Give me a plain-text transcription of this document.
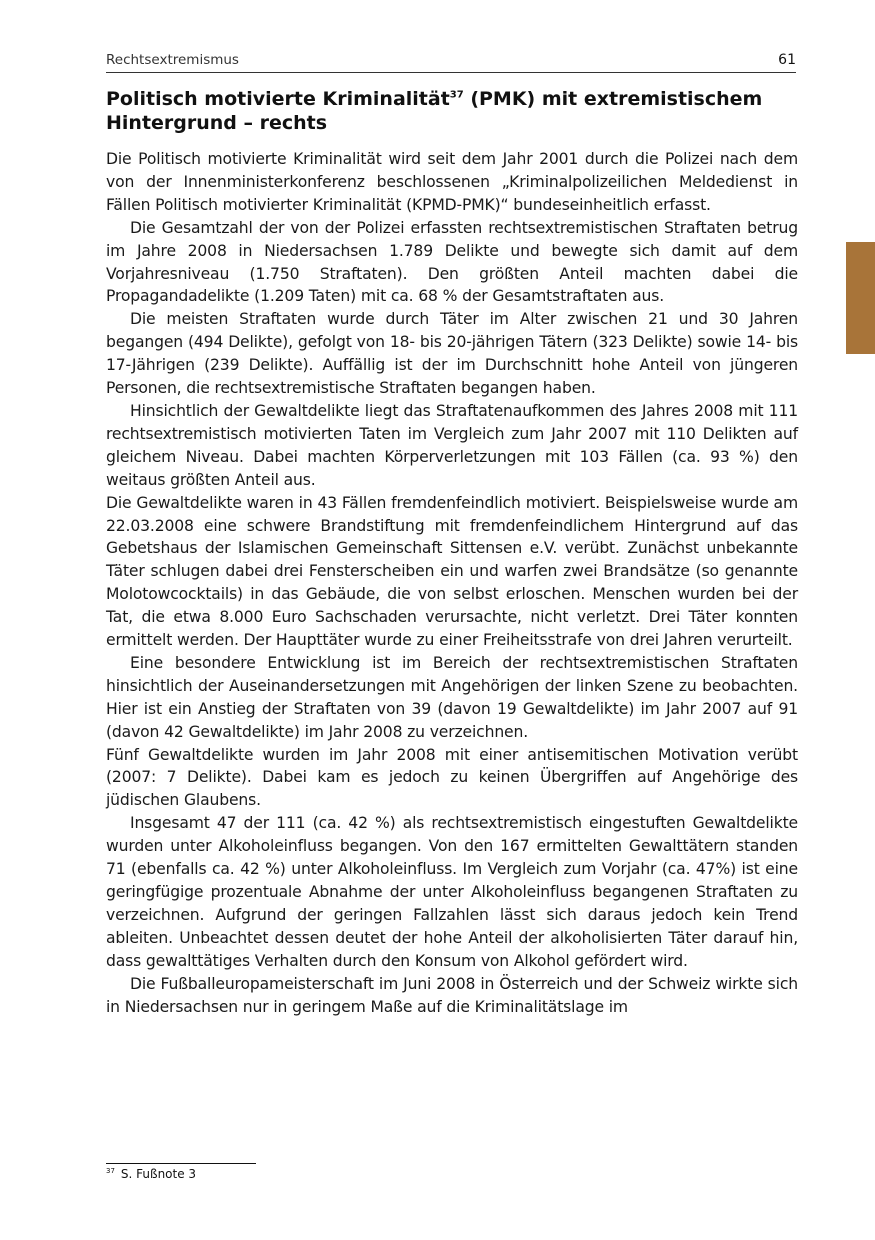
Rechtsextremismus	61
Politisch motivierte Kriminalität$^{37}$ (PMK) mit extremistischem Hintergrund – rechts

Die Politisch motivierte Kriminalität wird seit dem Jahr 2001 durch die Polizei nach dem von der Innenministerkonferenz beschlossenen „Kriminalpolizeilichen Meldedienst in Fällen Politisch motivierter Kriminalität (KPMD-PMK)“ bundeseinheitlich erfasst.

Die Gesamtzahl der von der Polizei erfassten rechtsextremistischen Straftaten betrug im Jahre 2008 in Niedersachsen 1.789 Delikte und bewegte sich damit auf dem Vorjahresniveau (1.750 Straftaten). Den größten Anteil machten dabei die Propagandadelikte (1.209 Taten) mit ca. 68 % der Gesamtstraftaten aus.

Die meisten Straftaten wurde durch Täter im Alter zwischen 21 und 30 Jahren begangen (494 Delikte), gefolgt von 18- bis 20-jährigen Tätern (323 Delikte) sowie 14- bis 17-Jährigen (239 Delikte). Auffällig ist der im Durchschnitt hohe Anteil von jüngeren Personen, die rechtsextremistische Straftaten begangen haben.

Hinsichtlich der Gewaltdelikte liegt das Straftatenaufkommen des Jahres 2008 mit 111 rechtsextremistisch motivierten Taten im Vergleich zum Jahr 2007 mit 110 Delikten auf gleichem Niveau. Dabei machten Körperverletzungen mit 103 Fällen (ca. 93 %) den weitaus größten Anteil aus.

Die Gewaltdelikte waren in 43 Fällen fremdenfeindlich motiviert. Beispielsweise wurde am 22.03.2008 eine schwere Brandstiftung mit fremdenfeindlichem Hintergrund auf das Gebetshaus der Islamischen Gemeinschaft Sittensen e.V. verübt. Zunächst unbekannte Täter schlugen dabei drei Fensterscheiben ein und warfen zwei Brandsätze (so genannte Molotowcocktails) in das Gebäude, die von selbst erloschen. Menschen wurden bei der Tat, die etwa 8.000 Euro Sachschaden verursachte, nicht verletzt. Drei Täter konnten ermittelt werden. Der Haupttäter wurde zu einer Freiheitsstrafe von drei Jahren verurteilt.

Eine besondere Entwicklung ist im Bereich der rechtsextremistischen Straftaten hinsichtlich der Auseinandersetzungen mit Angehörigen der linken Szene zu beobachten. Hier ist ein Anstieg der Straftaten von 39 (davon 19 Gewaltdelikte) im Jahr 2007 auf 91 (davon 42 Gewaltdelikte) im Jahr 2008 zu verzeichnen.

Fünf Gewaltdelikte wurden im Jahr 2008 mit einer antisemitischen Motivation verübt (2007: 7 Delikte). Dabei kam es jedoch zu keinen Übergriffen auf Angehörige des jüdischen Glaubens.

Insgesamt 47 der 111 (ca. 42 %) als rechtsextremistisch eingestuften Gewaltdelikte wurden unter Alkoholeinfluss begangen. Von den 167 ermittelten Gewalttätern standen 71 (ebenfalls ca. 42 %) unter Alkoholeinfluss. Im Vergleich zum Vorjahr (ca. 47%) ist eine geringfügige prozentuale Abnahme der unter Alkoholeinfluss begangenen Straftaten zu verzeichnen. Aufgrund der geringen Fallzahlen lässt sich daraus jedoch kein Trend ableiten. Unbeachtet dessen deutet der hohe Anteil der alkoholisierten Täter darauf hin, dass gewalttätiges Verhalten durch den Konsum von Alkohol gefördert wird.

Die Fußballeuropameisterschaft im Juni 2008 in Österreich und der Schweiz wirkte sich in Niedersachsen nur in geringem Maße auf die Kriminalitätslage im

$^{37}$ S. Fußnote 3
